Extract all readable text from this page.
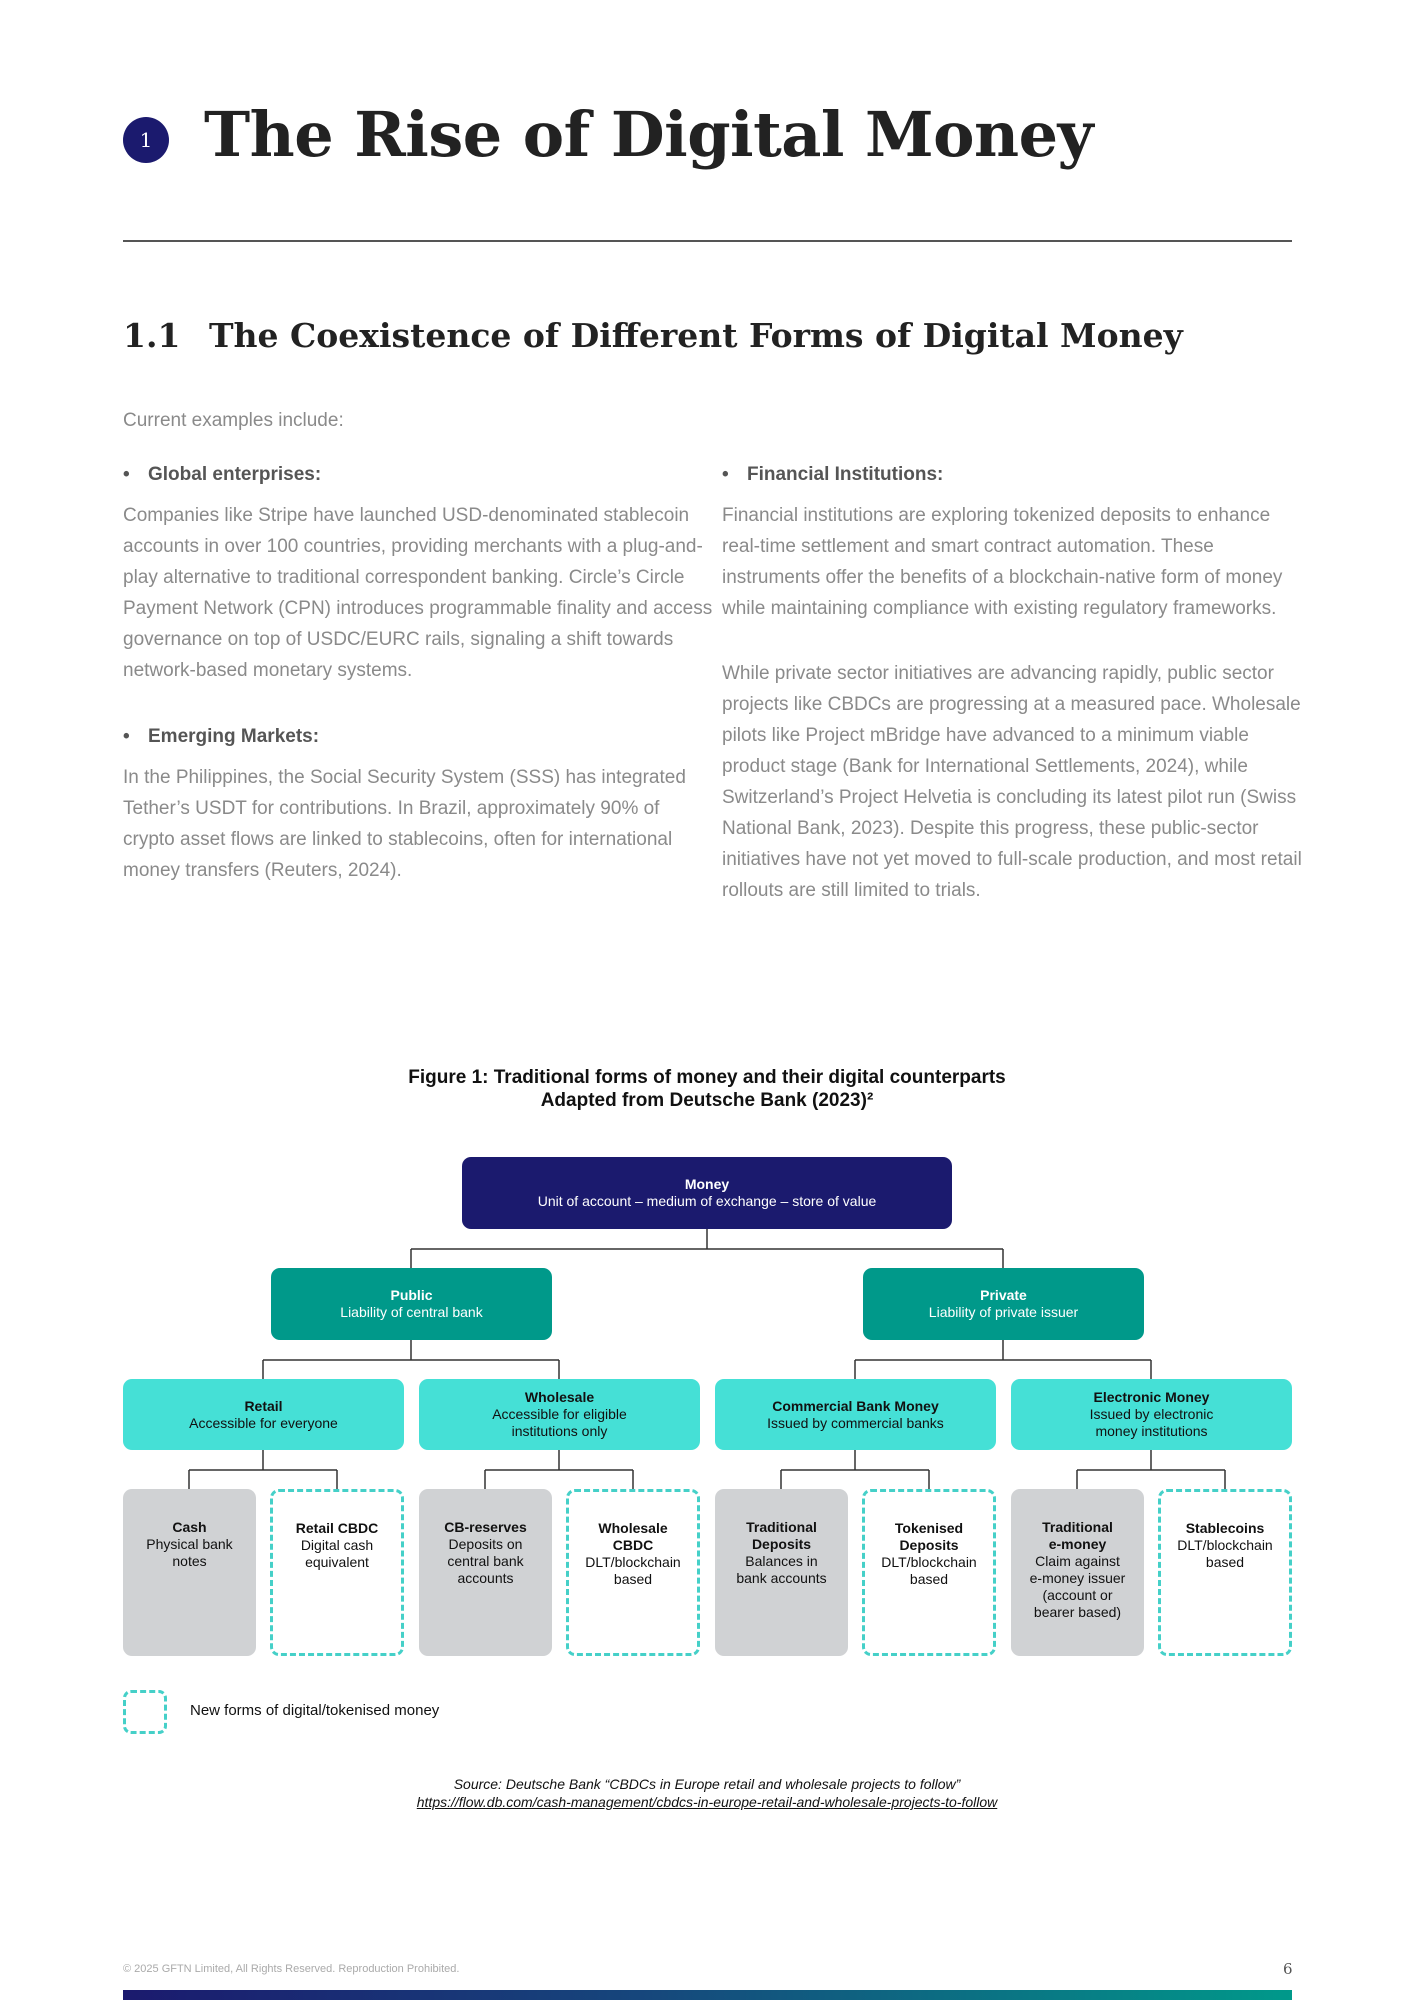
1 The Rise of Digital Money
1.1 The Coexistence of Different Forms of Digital Money
Current examples include:
• Global enterprises:
Companies like Stripe have launched USD-denominated stablecoin accounts in over 100 countries, providing merchants with a plug-and-play alternative to traditional correspondent banking. Circle’s Circle Payment Network (CPN) introduces programmable finality and access governance on top of USDC/EURC rails, signaling a shift towards network-based monetary systems.
• Emerging Markets:
In the Philippines, the Social Security System (SSS) has integrated Tether’s USDT for contributions. In Brazil, approximately 90% of crypto asset flows are linked to stablecoins, often for international money transfers (Reuters, 2024).
• Financial Institutions:
Financial institutions are exploring tokenized deposits to enhance real-time settlement and smart contract automation. These instruments offer the benefits of a blockchain-native form of money while maintaining compliance with existing regulatory frameworks.
While private sector initiatives are advancing rapidly, public sector projects like CBDCs are progressing at a measured pace. Wholesale pilots like Project mBridge have advanced to a minimum viable product stage (Bank for International Settlements, 2024), while Switzerland’s Project Helvetia is concluding its latest pilot run (Swiss National Bank, 2023). Despite this progress, these public-sector initiatives have not yet moved to full-scale production, and most retail rollouts are still limited to trials.
Figure 1: Traditional forms of money and their digital counterparts
Adapted from Deutsche Bank (2023)²
Money
Unit of account – medium of exchange – store of value
Public
Liability of central bank
Private
Liability of private issuer
Retail
Accessible for everyone
Wholesale
Accessible for eligible
institutions only
Commercial Bank Money
Issued by commercial banks
Electronic Money
Issued by electronic
money institutions
Cash
Physical bank
notes
Retail CBDC
Digital cash
equivalent
CB-reserves
Deposits on
central bank
accounts
Wholesale
CBDC
DLT/blockchain
based
Traditional
Deposits
Balances in
bank accounts
Tokenised
Deposits
DLT/blockchain
based
Traditional
e-money
Claim against
e-money issuer
(account or
bearer based)
Stablecoins
DLT/blockchain
based
New forms of digital/tokenised money
Source: Deutsche Bank “CBDCs in Europe retail and wholesale projects to follow”
https://flow.db.com/cash-management/cbdcs-in-europe-retail-and-wholesale-projects-to-follow
© 2025 GFTN Limited, All Rights Reserved. Reproduction Prohibited.	6
